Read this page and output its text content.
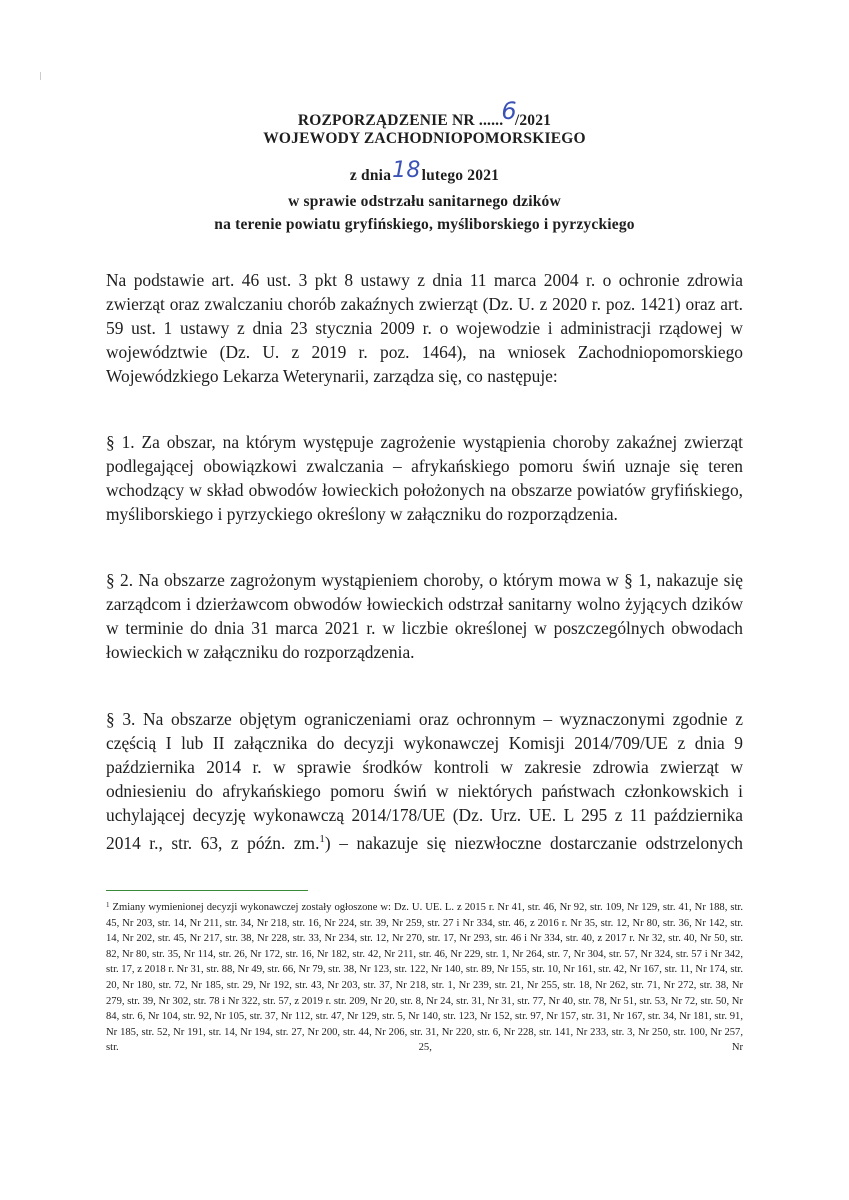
ROZPORZĄDZENIE NR ......6/2021
WOJEWODY ZACHODNIOPOMORSKIEGO
z dnia18lutego 2021
w sprawie odstrzału sanitarnego dzików
na terenie powiatu gryfińskiego, myśliborskiego i pyrzyckiego
Na podstawie art. 46 ust. 3 pkt 8 ustawy z dnia 11 marca 2004 r. o ochronie zdrowia zwierząt oraz zwalczaniu chorób zakaźnych zwierząt (Dz. U. z 2020 r. poz. 1421) oraz art. 59 ust. 1 ustawy z dnia 23 stycznia 2009 r. o wojewodzie i administracji rządowej w województwie (Dz. U. z 2019 r. poz. 1464), na wniosek Zachodniopomorskiego Wojewódzkiego Lekarza Weterynarii, zarządza się, co następuje:
§ 1. Za obszar, na którym występuje zagrożenie wystąpienia choroby zakaźnej zwierząt podlegającej obowiązkowi zwalczania – afrykańskiego pomoru świń uznaje się teren wchodzący w skład obwodów łowieckich położonych na obszarze powiatów gryfińskiego, myśliborskiego i pyrzyckiego określony w załączniku do rozporządzenia.
§ 2. Na obszarze zagrożonym wystąpieniem choroby, o którym mowa w § 1, nakazuje się zarządcom i dzierżawcom obwodów łowieckich odstrzał sanitarny wolno żyjących dzików w terminie do dnia 31 marca 2021 r. w liczbie określonej w poszczególnych obwodach łowieckich w załączniku do rozporządzenia.
§ 3. Na obszarze objętym ograniczeniami oraz ochronnym – wyznaczonymi zgodnie z częścią I lub II załącznika do decyzji wykonawczej Komisji 2014/709/UE z dnia 9 października 2014 r. w sprawie środków kontroli w zakresie zdrowia zwierząt w odniesieniu do afrykańskiego pomoru świń w niektórych państwach członkowskich i uchylającej decyzję wykonawczą 2014/178/UE (Dz. Urz. UE. L 295 z 11 października 2014 r., str. 63, z późn. zm.$^1$) – nakazuje się niezwłoczne dostarczanie odstrzelonych
$^1$ Zmiany wymienionej decyzji wykonawczej zostały ogłoszone w: Dz. U. UE. L. z 2015 r. Nr 41, str. 46, Nr 92, str. 109, Nr 129, str. 41, Nr 188, str. 45, Nr 203, str. 14, Nr 211, str. 34, Nr 218, str. 16, Nr 224, str. 39, Nr 259, str. 27 i Nr 334, str. 46, z 2016 r. Nr 35, str. 12, Nr 80, str. 36, Nr 142, str. 14, Nr 202, str. 45, Nr 217, str. 38, Nr 228, str. 33, Nr 234, str. 12, Nr 270, str. 17, Nr 293, str. 46 i Nr 334, str. 40, z 2017 r. Nr 32, str. 40, Nr 50, str. 82, Nr 80, str. 35, Nr 114, str. 26, Nr 172, str. 16, Nr 182, str. 42, Nr 211, str. 46, Nr 229, str. 1, Nr 264, str. 7, Nr 304, str. 57, Nr 324, str. 57 i Nr 342, str. 17, z 2018 r. Nr 31, str. 88, Nr 49, str. 66, Nr 79, str. 38, Nr 123, str. 122, Nr 140, str. 89, Nr 155, str. 10, Nr 161, str. 42, Nr 167, str. 11, Nr 174, str. 20, Nr 180, str. 72, Nr 185, str. 29, Nr 192, str. 43, Nr 203, str. 37, Nr 218, str. 1, Nr 239, str. 21, Nr 255, str. 18, Nr 262, str. 71, Nr 272, str. 38, Nr 279, str. 39, Nr 302, str. 78 i Nr 322, str. 57, z 2019 r. str. 209, Nr 20, str. 8, Nr 24, str. 31, Nr 31, str. 77, Nr 40, str. 78, Nr 51, str. 53, Nr 72, str. 50, Nr 84, str. 6, Nr 104, str. 92, Nr 105, str. 37, Nr 112, str. 47, Nr 129, str. 5, Nr 140, str. 123, Nr 152, str. 97, Nr 157, str. 31, Nr 167, str. 34, Nr 181, str. 91, Nr 185, str. 52, Nr 191, str. 14, Nr 194, str. 27, Nr 200, str. 44, Nr 206, str. 31, Nr 220, str. 6, Nr 228, str. 141, Nr 233, str. 3, Nr 250, str. 100, Nr 257, str. 25, Nr
